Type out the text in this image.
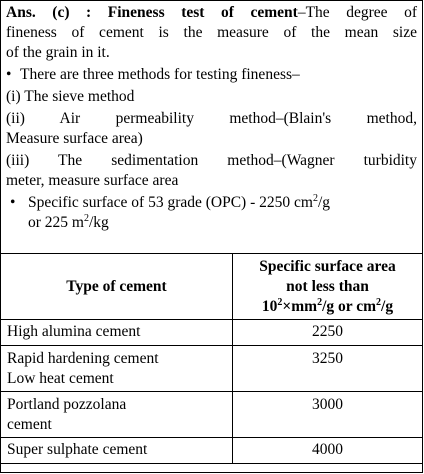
Ans. (c) : Fineness test of cement–The degree of
fineness of cement is the measure of the mean size
of the grain in it.
• There are three methods for testing fineness–
(i) The sieve method
(ii) Air permeability method–(Blain's method,
Measure surface area)
(iii) The sedimentation method–(Wagner turbidity
meter, measure surface area
• Specific surface of 53 grade (OPC) - 2250 $cm^2/g$
or 225 $m^2/kg$
Type of cement	Specific surface area
not less than
$10^2\times mm^2/g$ or $cm^2/g$

High alumina cement	2250

Rapid hardening cement
Low heat cement	3250

Portland pozzolana
cement	3000
Super sulphate cement	4000
